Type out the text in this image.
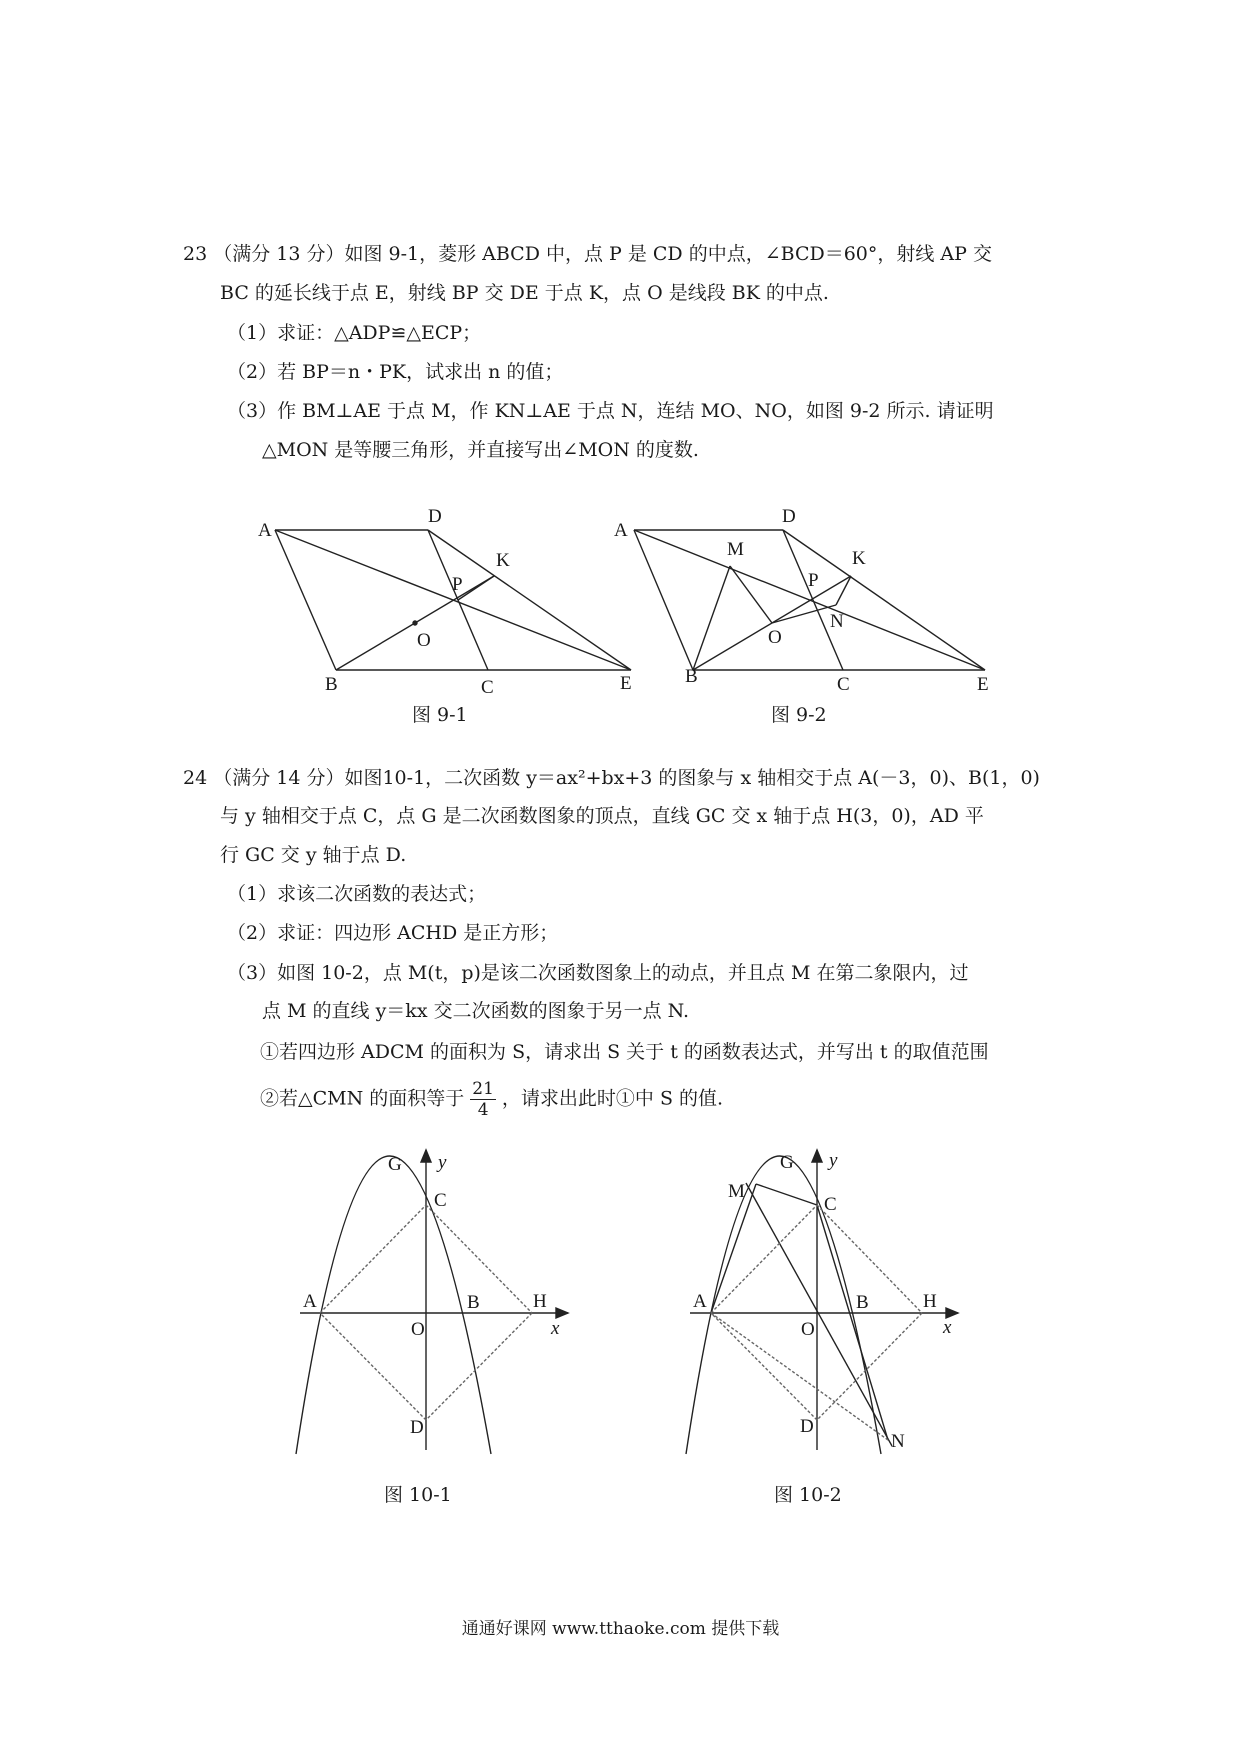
23 （满分 13 分）如图 9-1，菱形 ABCD 中，点 P 是 CD 的中点，∠BCD＝60°，射线 AP 交
BC 的延长线于点 E，射线 BP 交 DE 于点 K，点 O 是线段 BK 的中点.
（1）求证：△ADP≌△ECP；
（2）若 BP＝n・PK，试求出 n 的值；
（3）作 BM⊥AE 于点 M，作 KN⊥AE 于点 N，连结 MO、NO，如图 9-2 所示. 请证明
△MON 是等腰三角形，并直接写出∠MON 的度数.
A
D
K
P
O
B	C	E
A
D
M	K
P
N
O
B	C	E
G y
C
A	B	H
O	x
D
G y
M
C
A	B	H
O	x
D
N
图 9-1	图 9-2
24 （满分 14 分）如图10-1，二次函数 y＝ax²+bx+3 的图象与 x 轴相交于点 A(－3，0)、B(1，0)
与 y 轴相交于点 C，点 G 是二次函数图象的顶点，直线 GC 交 x 轴于点 H(3，0)，AD 平
行 GC 交 y 轴于点 D.
（1）求该二次函数的表达式；
（2）求证：四边形 ACHD 是正方形；
（3）如图 10-2，点 M(t，p)是该二次函数图象上的动点，并且点 M 在第二象限内，过
点 M 的直线 y＝kx 交二次函数的图象于另一点 N.
①若四边形 ADCM 的面积为 S，请求出 S 关于 t 的函数表达式，并写出 t 的取值范围
②若△CMN 的面积等于 $\frac{21}{4}$ ，请求出此时①中 S 的值.
图 10-1	图 10-2
通通好课网 www.tthaoke.com 提供下载
